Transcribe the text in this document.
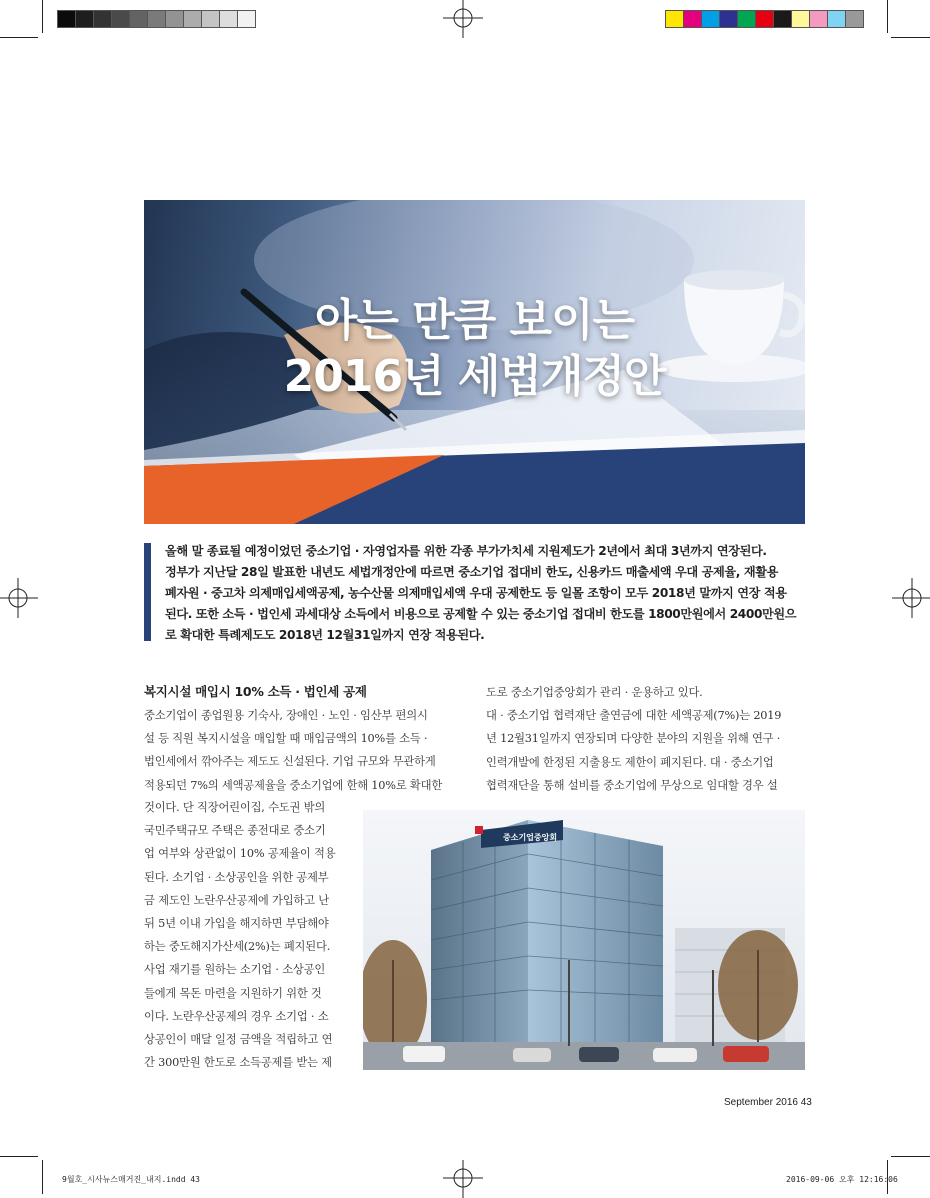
아는 만큼 보이는
2016년 세법개정안
올해 말 종료될 예정이었던 중소기업 · 자영업자를 위한 각종 부가가치세 지원제도가 2년에서 최대 3년까지 연장된다.
정부가 지난달 28일 발표한 내년도 세법개정안에 따르면 중소기업 접대비 한도, 신용카드 매출세액 우대 공제율, 재활용
폐자원 · 중고차 의제매입세액공제, 농수산물 의제매입세액 우대 공제한도 등 일몰 조항이 모두 2018년 말까지 연장 적용
된다. 또한 소득 · 법인세 과세대상 소득에서 비용으로 공제할 수 있는 중소기업 접대비 한도를 1800만원에서 2400만원으
로 확대한 특례제도도 2018년 12월31일까지 연장 적용된다.
복지시설 매입시 10% 소득 · 법인세 공제
중소기업이 종업원용 기숙사, 장애인 · 노인 · 임산부 편의시
설 등 직원 복지시설을 매입할 때 매입금액의 10%를 소득 ·
법인세에서 깎아주는 제도도 신설된다. 기업 규모와 무관하게
적용되던 7%의 세액공제율을 중소기업에 한해 10%로 확대한
것이다. 단 직장어린이집, 수도권 밖의
국민주택규모 주택은 종전대로 중소기
업 여부와 상관없이 10% 공제율이 적용
된다. 소기업 · 소상공인을 위한 공제부
금 제도인 노란우산공제에 가입하고 난
뒤 5년 이내 가입을 해지하면 부담해야
하는 중도해지가산세(2%)는 폐지된다.
사업 재기를 원하는 소기업 · 소상공인
들에게 목돈 마련을 지원하기 위한 것
이다. 노란우산공제의 경우 소기업 · 소
상공인이 매달 일정 금액을 적립하고 연
간 300만원 한도로 소득공제를 받는 제
도로 중소기업중앙회가 관리 · 운용하고 있다.
대 · 중소기업 협력재단 출연금에 대한 세액공제(7%)는 2019
년 12월31일까지 연장되며 다양한 분야의 지원을 위해 연구 ·
인력개발에 한정된 지출용도 제한이 폐지된다. 대 · 중소기업
협력재단을 통해 설비를 중소기업에 무상으로 임대할 경우 설
중소기업중앙회
September 2016 43
9월호_시사뉴스매거진_내지.indd 43	2016-09-06 오후 12:16:06
